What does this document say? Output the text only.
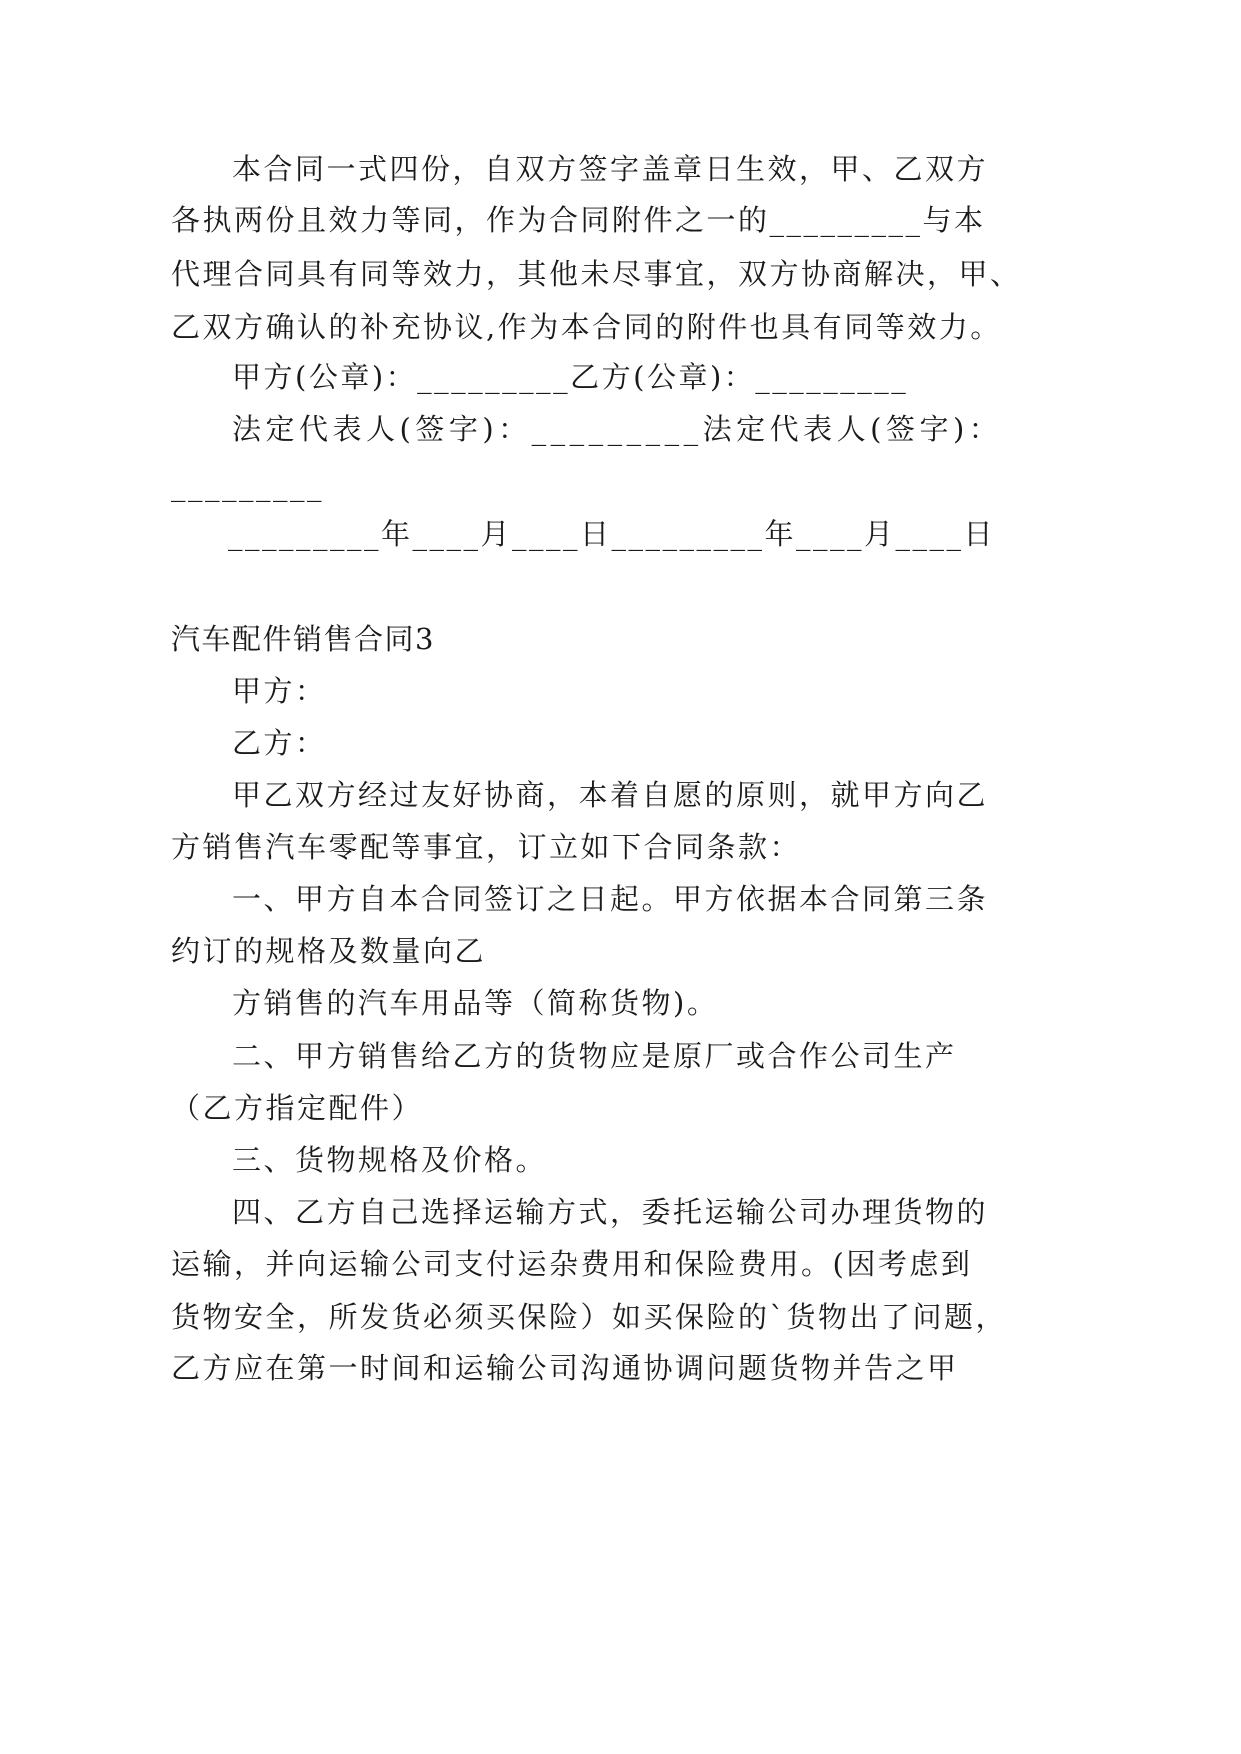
本合同一式四份，自双方签字盖章日生效，甲、乙双方
各执两份且效力等同，作为合同附件之一的_________与本
代理合同具有同等效力，其他未尽事宜，双方协商解决，甲、
乙双方确认的补充协议,作为本合同的附件也具有同等效力。
甲方(公章)：_________乙方(公章)：_________
法定代表人(签字)：_________法定代表人(签字)：
_________
_________年____月____日_________年____月____日
汽车配件销售合同3
甲方：
乙方：
甲乙双方经过友好协商，本着自愿的原则，就甲方向乙
方销售汽车零配等事宜，订立如下合同条款：
一、甲方自本合同签订之日起。甲方依据本合同第三条
约订的规格及数量向乙
方销售的汽车用品等（简称货物)。
二、甲方销售给乙方的货物应是原厂或合作公司生产
（乙方指定配件）
三、货物规格及价格。
四、乙方自己选择运输方式，委托运输公司办理货物的
运输，并向运输公司支付运杂费用和保险费用。(因考虑到
货物安全，所发货必须买保险）如买保险的`货物出了问题，
乙方应在第一时间和运输公司沟通协调问题货物并告之甲
